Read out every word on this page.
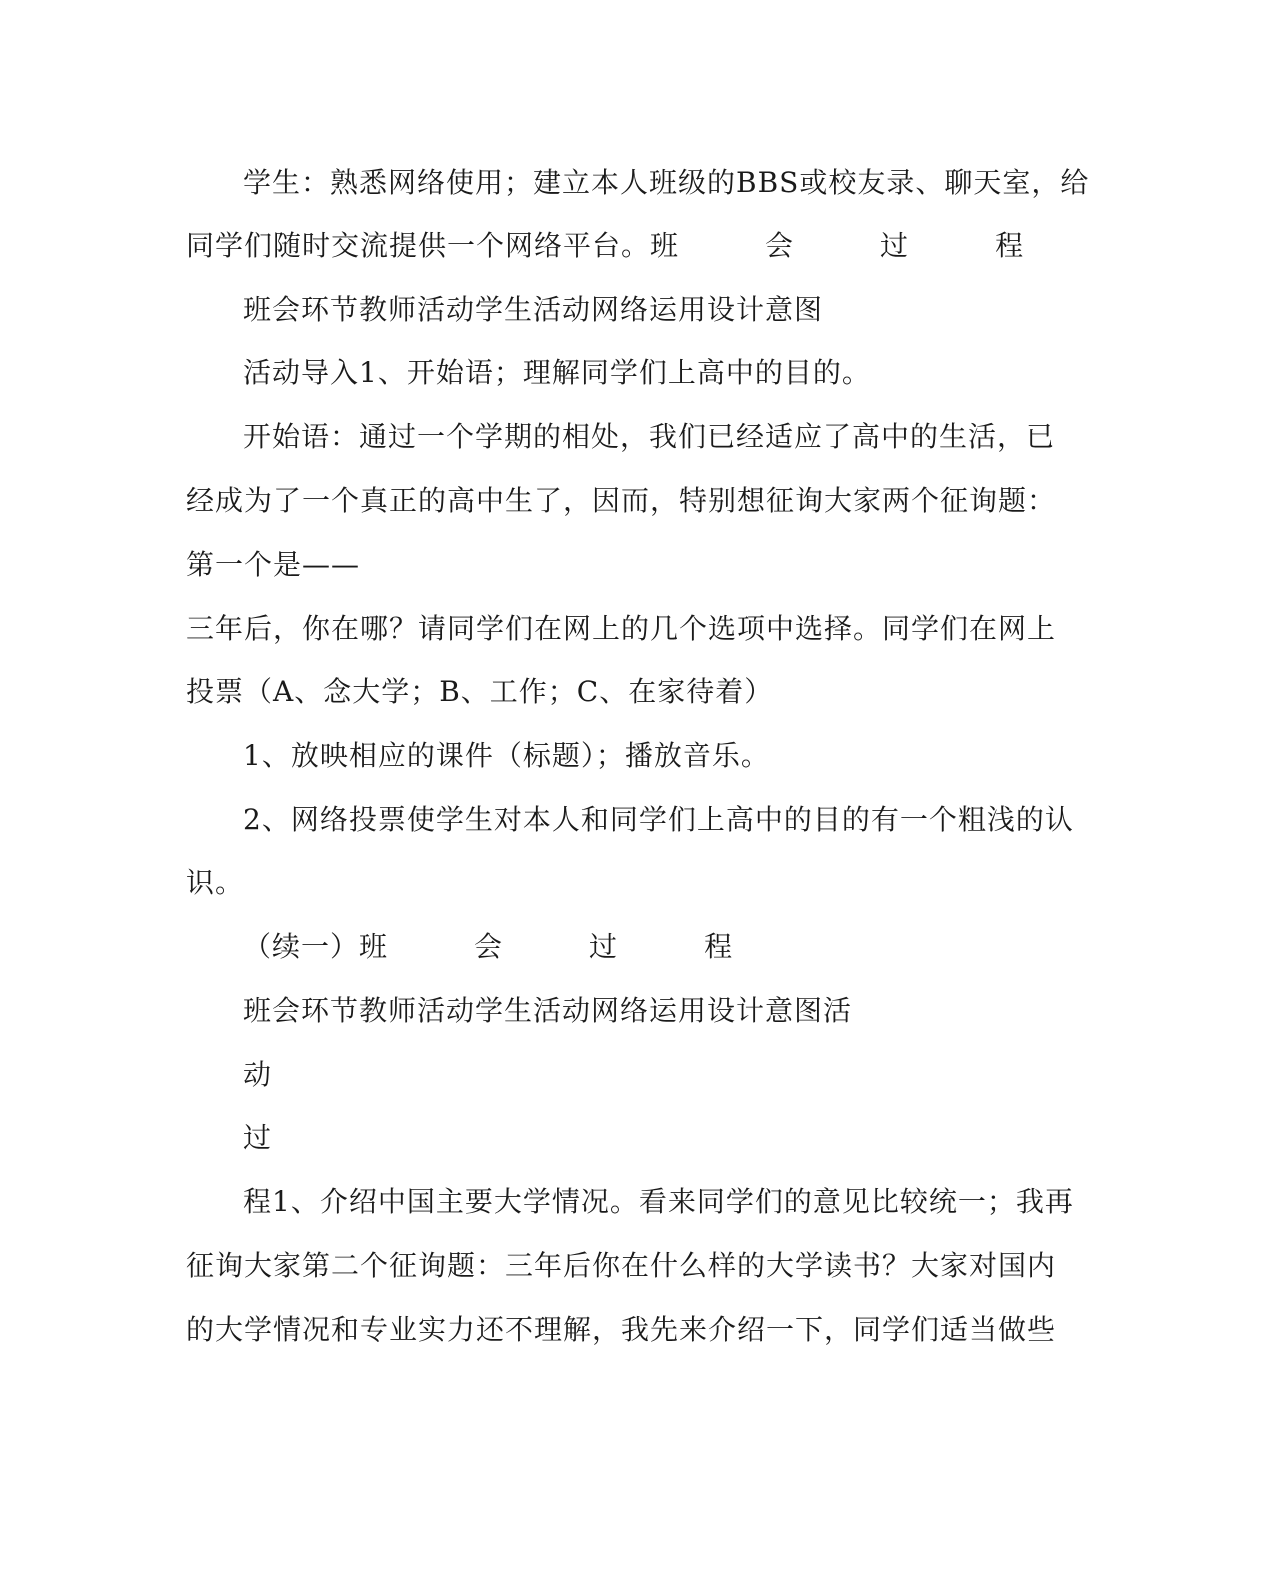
学生：熟悉网络使用；建立本人班级的BBS或校友录、聊天室，给
同学们随时交流提供一个网络平台。班	会	过	程
班会环节教师活动学生活动网络运用设计意图
活动导入1、开始语；理解同学们上高中的目的。
开始语：通过一个学期的相处，我们已经适应了高中的生活，已
经成为了一个真正的高中生了，因而，特别想征询大家两个征询题：
第一个是——
三年后，你在哪？请同学们在网上的几个选项中选择。同学们在网上
投票（A、念大学；B、工作；C、在家待着）
1、放映相应的课件（标题）；播放音乐。
2、网络投票使学生对本人和同学们上高中的目的有一个粗浅的认
识。
（续一）班	会	过	程
班会环节教师活动学生活动网络运用设计意图活
动
过
程1、介绍中国主要大学情况。看来同学们的意见比较统一；我再
征询大家第二个征询题：三年后你在什么样的大学读书？大家对国内
的大学情况和专业实力还不理解，我先来介绍一下，同学们适当做些
